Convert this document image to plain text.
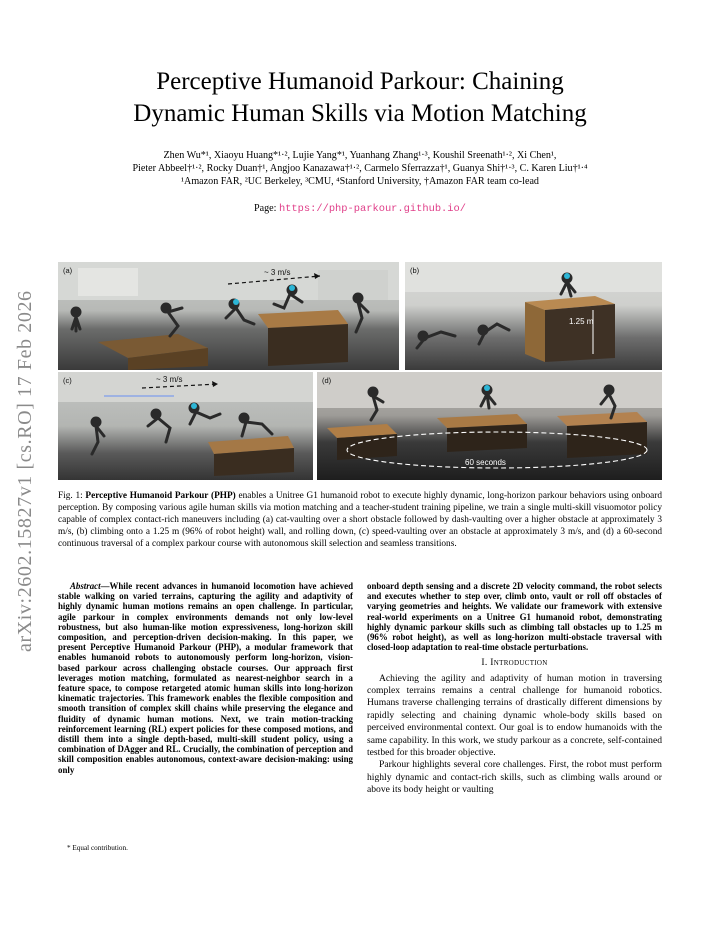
arXiv:2602.15827v1 [cs.RO] 17 Feb 2026
Perceptive Humanoid Parkour: Chaining
Dynamic Human Skills via Motion Matching
Zhen Wu*¹, Xiaoyu Huang*¹·², Lujie Yang*¹, Yuanhang Zhang¹·³, Koushil Sreenath¹·², Xi Chen¹,
Pieter Abbeel†¹·², Rocky Duan†¹, Angjoo Kanazawa†¹·², Carmelo Sferrazza†¹, Guanya Shi†¹·³, C. Karen Liu†¹·⁴
¹Amazon FAR, ²UC Berkeley, ³CMU, ⁴Stanford University, †Amazon FAR team co-lead
Page: https://php-parkour.github.io/
(a)	~ 3 m/s	(b)
1.25 m
(c)	~ 3 m/s	(d)
60 seconds
Fig. 1: Perceptive Humanoid Parkour (PHP) enables a Unitree G1 humanoid robot to execute highly dynamic, long-horizon parkour behaviors using onboard perception. By composing various agile human skills via motion matching and a teacher-student training pipeline, we train a single multi-skill visuomotor policy capable of complex contact-rich maneuvers including (a) cat-vaulting over a short obstacle followed by dash-vaulting over a higher obstacle at approximately 3 m/s, (b) climbing onto a 1.25 m (96% of robot height) wall, and rolling down, (c) speed-vaulting over an obstacle at approximately 3 m/s, and (d) a 60-second continuous traversal of a complex parkour course with autonomous skill selection and seamless transitions.

Abstract—While recent advances in humanoid locomotion have achieved stable walking on varied terrains, capturing the agility and adaptivity of highly dynamic human motions remains an open challenge. In particular, agile parkour in complex environments demands not only low-level robustness, but also human-like motion expressiveness, long-horizon skill composition, and perception-driven decision-making. In this paper, we present Perceptive Humanoid Parkour (PHP), a modular framework that enables humanoid robots to autonomously perform long-horizon, vision-based parkour across challenging obstacle courses. Our approach first leverages motion matching, formulated as nearest-neighbor search in a feature space, to compose retargeted atomic human skills into long-horizon kinematic trajectories. This framework enables the flexible composition and smooth transition of complex skill chains while preserving the elegance and fluidity of dynamic human motions. Next, we train motion-tracking reinforcement learning (RL) expert policies for these composed motions, and distill them into a single depth-based, multi-skill student policy, using a combination of DAgger and RL. Crucially, the combination of perception and skill composition enables autonomous, context-aware decision-making: using only

onboard depth sensing and a discrete 2D velocity command, the robot selects and executes whether to step over, climb onto, vault or roll off obstacles of varying geometries and heights. We validate our framework with extensive real-world experiments on a Unitree G1 humanoid robot, demonstrating highly dynamic parkour skills such as climbing tall obstacles up to 1.25 m (96% robot height), as well as long-horizon multi-obstacle traversal with closed-loop adaptation to real-time obstacle perturbations.

I. Introduction

Achieving the agility and adaptivity of human motion in traversing complex terrains remains a central challenge for humanoid robotics. Humans traverse challenging terrains of drastically different dimensions by rapidly selecting and chaining dynamic whole-body skills based on perceived environmental context. Our goal is to endow humanoids with the same capability. In this work, we study parkour as a concrete, self-contained testbed for this broader objective.

Parkour highlights several core challenges. First, the robot must perform highly dynamic and contact-rich skills, such as climbing walls around or above its body height or vaulting

* Equal contribution.
